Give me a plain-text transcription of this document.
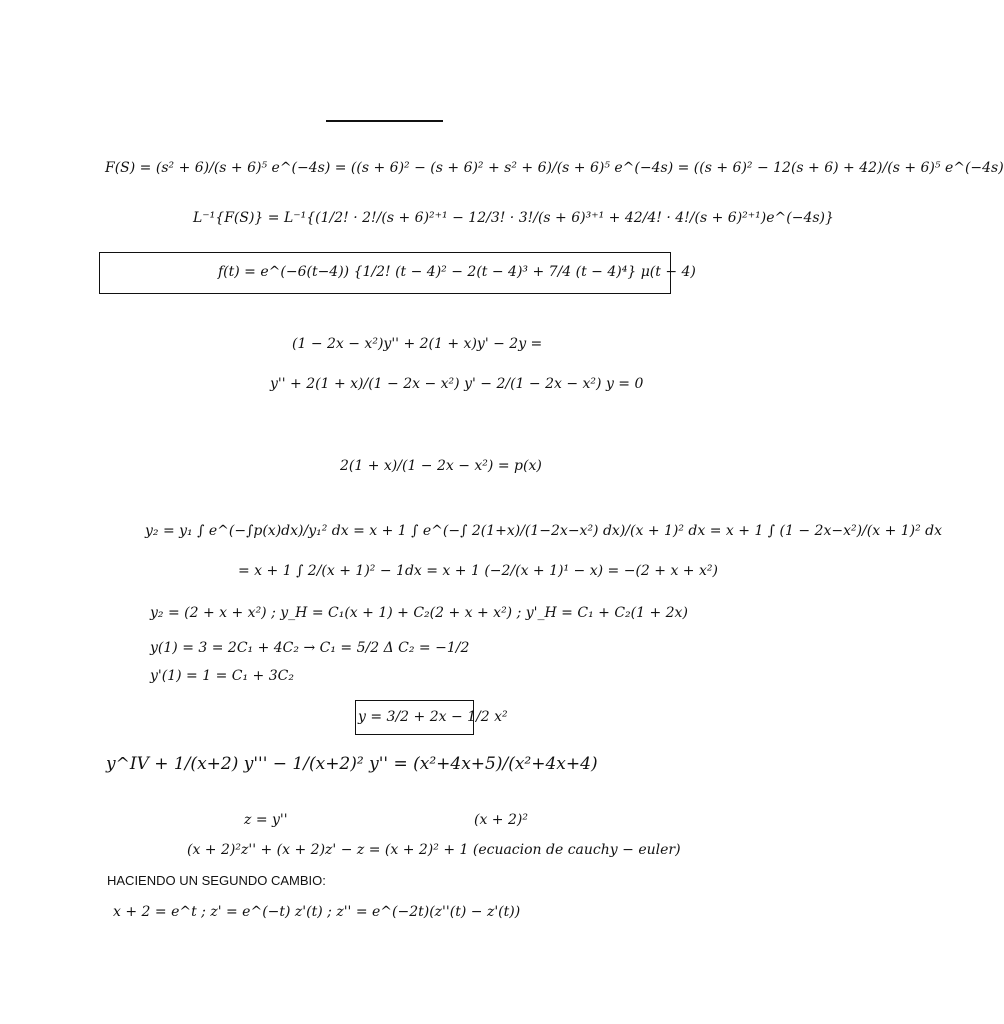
F(S) = (s² + 6)/(s + 6)⁵ e^(−4s) = ((s + 6)² − (s + 6)² + s² + 6)/(s + 6)⁵ e^(−4s) = ((s + 6)² − 12(s + 6) + 42)/(s + 6)⁵ e^(−4s)
L⁻¹{F(S)} = L⁻¹{(1/2! · 2!/(s + 6)²⁺¹ − 12/3! · 3!/(s + 6)³⁺¹ + 42/4! · 4!/(s + 6)²⁺¹)e^(−4s)}
f(t) = e^(−6(t−4)) {1/2! (t − 4)² − 2(t − 4)³ + 7/4 (t − 4)⁴} μ(t − 4)
(1 − 2x − x²)y'' + 2(1 + x)y' − 2y =
y'' + 2(1 + x)/(1 − 2x − x²) y' − 2/(1 − 2x − x²) y = 0
2(1 + x)/(1 − 2x − x²) = p(x)
y₂ = y₁ ∫ e^(−∫p(x)dx)/y₁² dx = x + 1 ∫ e^(−∫ 2(1+x)/(1−2x−x²) dx)/(x + 1)² dx = x + 1 ∫ (1 − 2x−x²)/(x + 1)² dx
= x + 1 ∫ 2/(x + 1)² − 1dx = x + 1 (−2/(x + 1)¹ − x) = −(2 + x + x²)
y₂ = (2 + x + x²) ; y_H = C₁(x + 1) + C₂(2 + x + x²) ; y'_H = C₁ + C₂(1 + 2x)
y(1) = 3 = 2C₁ + 4C₂ → C₁ = 5/2 Δ C₂ = −1/2
y'(1) = 1 = C₁ + 3C₂
y = 3/2 + 2x − 1/2 x²
y^IV + 1/(x+2) y''' − 1/(x+2)² y'' = (x²+4x+5)/(x²+4x+4)
z = y''	(x + 2)²
(x + 2)²z'' + (x + 2)z' − z = (x + 2)² + 1 (ecuacion de cauchy − euler)
HACIENDO UN SEGUNDO CAMBIO:
x + 2 = e^t ; z' = e^(−t) z'(t) ; z'' = e^(−2t)(z''(t) − z'(t))
